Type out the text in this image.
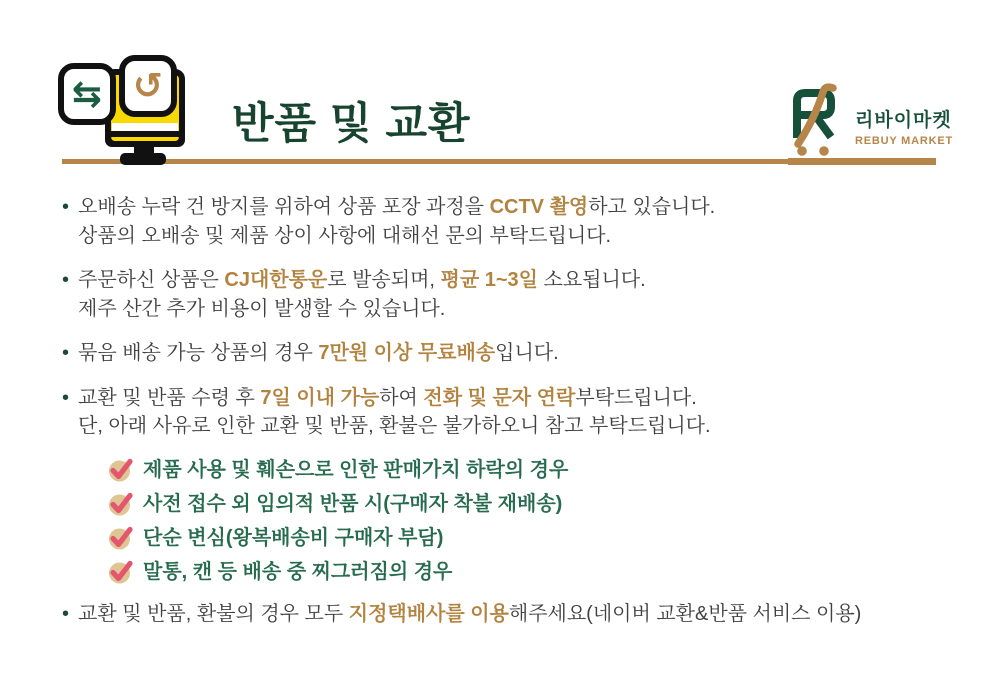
⇆ ↺
반품 및 교환	리바이마켓
REBUY MARKET
• 오배송 누락 건 방지를 위하여 상품 포장 과정을 CCTV 촬영하고 있습니다.
상품의 오배송 및 제품 상이 사항에 대해선 문의 부탁드립니다.
• 주문하신 상품은 CJ대한통운로 발송되며, 평균 1~3일 소요됩니다.
제주 산간 추가 비용이 발생할 수 있습니다.
• 묶음 배송 가능 상품의 경우 7만원 이상 무료배송입니다.
• 교환 및 반품 수령 후 7일 이내 가능하여 전화 및 문자 연락부탁드립니다.
단, 아래 사유로 인한 교환 및 반품, 환불은 불가하오니 참고 부탁드립니다.
제품 사용 및 훼손으로 인한 판매가치 하락의 경우
사전 접수 외 임의적 반품 시(구매자 착불 재배송)
단순 변심(왕복배송비 구매자 부담)
말통, 캔 등 배송 중 찌그러짐의 경우
• 교환 및 반품, 환불의 경우 모두 지정택배사를 이용해주세요(네이버 교환&반품 서비스 이용)
